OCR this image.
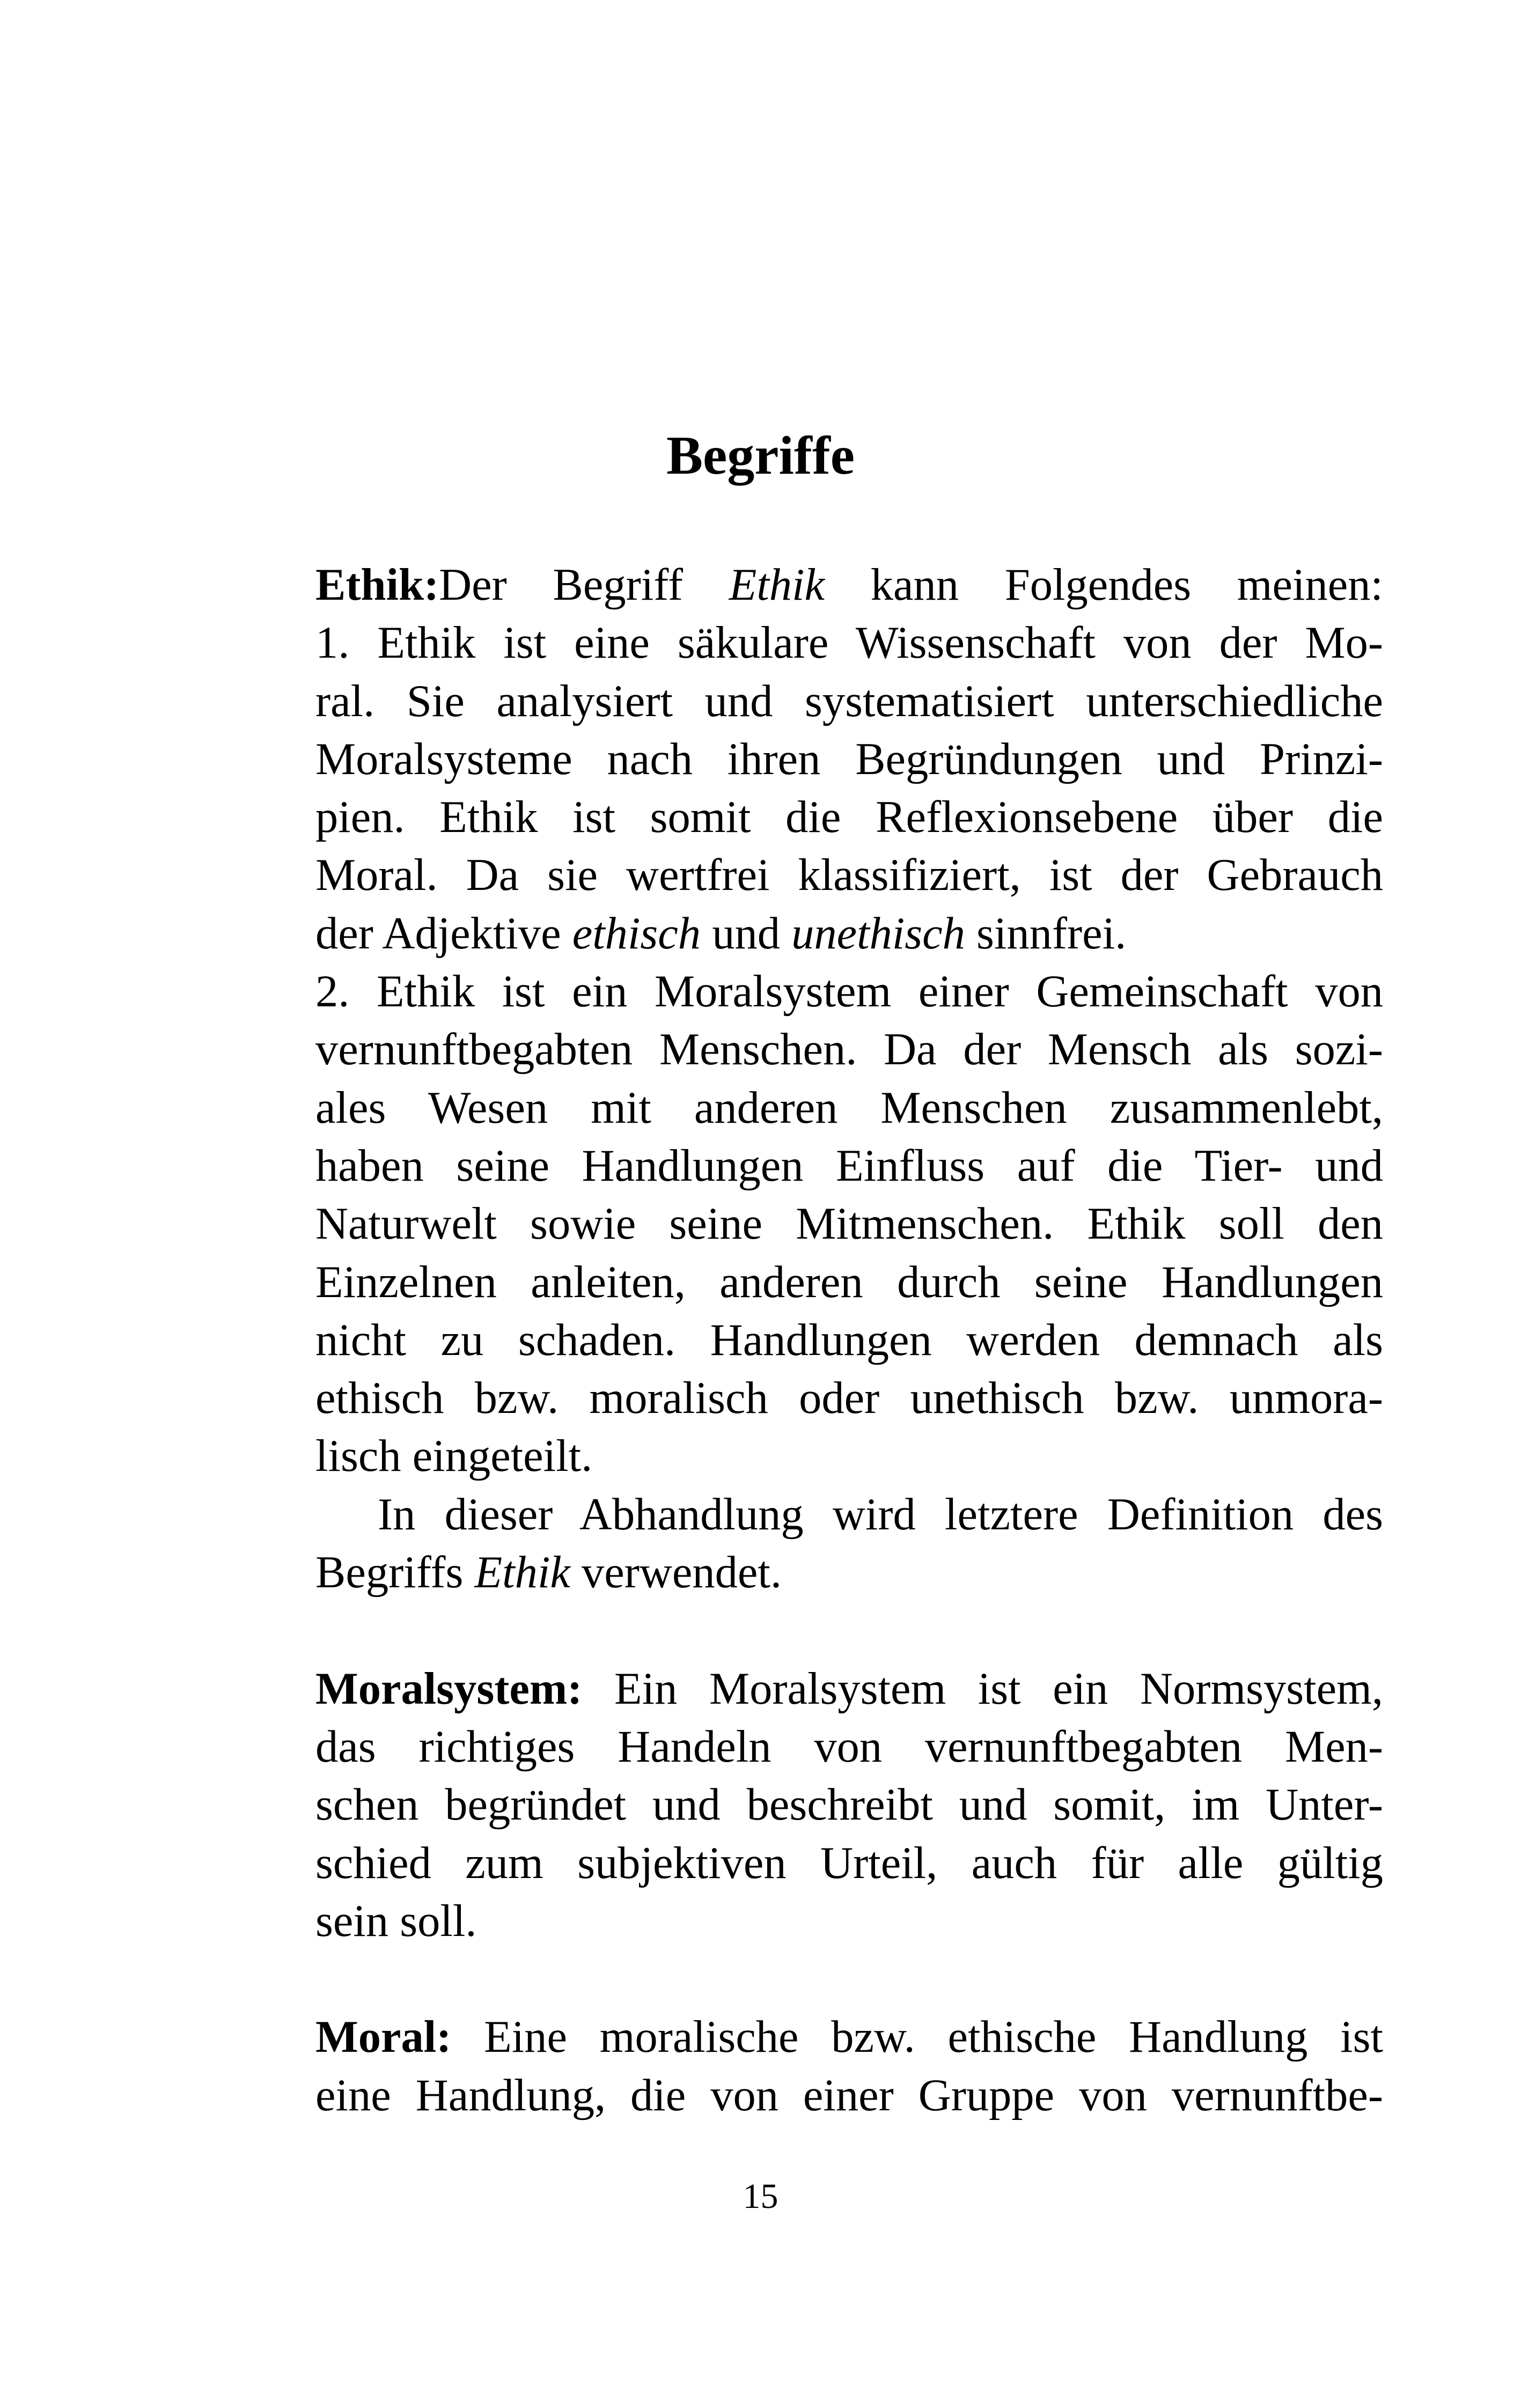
Begriffe
Ethik:Der Begriff Ethik kann Folgendes meinen:
1. Ethik ist eine säkulare Wissenschaft von der Mo-
ral. Sie analysiert und systematisiert unterschiedliche
Moralsysteme nach ihren Begründungen und Prinzi-
pien. Ethik ist somit die Reflexionsebene über die
Moral. Da sie wertfrei klassifiziert, ist der Gebrauch
der Adjektive ethisch und unethisch sinnfrei.
2. Ethik ist ein Moralsystem einer Gemeinschaft von
vernunftbegabten Menschen. Da der Mensch als sozi-
ales Wesen mit anderen Menschen zusammenlebt,
haben seine Handlungen Einfluss auf die Tier- und
Naturwelt sowie seine Mitmenschen. Ethik soll den
Einzelnen anleiten, anderen durch seine Handlungen
nicht zu schaden. Handlungen werden demnach als
ethisch bzw. moralisch oder unethisch bzw. unmora-
lisch eingeteilt.
In dieser Abhandlung wird letztere Definition des
Begriffs Ethik verwendet.
Moralsystem: Ein Moralsystem ist ein Normsystem,
das richtiges Handeln von vernunftbegabten Men-
schen begründet und beschreibt und somit, im Unter-
schied zum subjektiven Urteil, auch für alle gültig
sein soll.
Moral: Eine moralische bzw. ethische Handlung ist
eine Handlung, die von einer Gruppe von vernunftbe-
15
